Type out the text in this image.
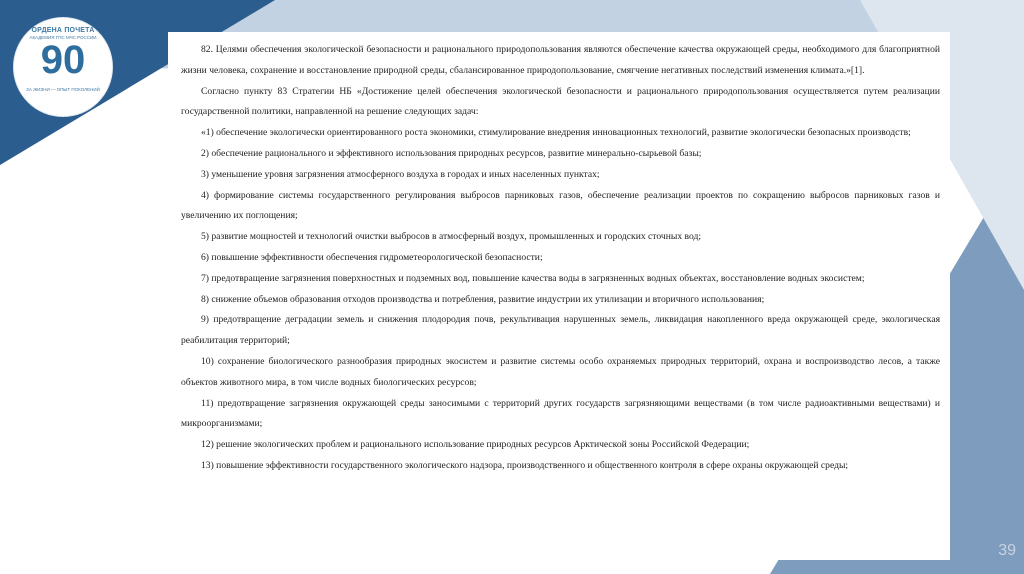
ОРДЕНА ПОЧЕТА
АКАДЕМИЯ ГПС МЧС РОССИИ
90
ЗА ЖИЗНИ — ОПЫТ ПОКОЛЕНИЙ

82. Целями обеспечения экологической безопасности и рационального природопользования являются обеспечение качества окружающей среды, необходимого для благоприятной жизни человека, сохранение и восстановление природной среды, сбалансированное природопользование, смягчение негативных последствий изменения климата.»[1].

Согласно пункту 83 Стратегии НБ «Достижение целей обеспечения экологической безопасности и рационального природопользования осуществляется путем реализации государственной политики, направленной на решение следующих задач:

«1) обеспечение экологически ориентированного роста экономики, стимулирование внедрения инновационных технологий, развитие экологически безопасных производств;

2) обеспечение рационального и эффективного использования природных ресурсов, развитие минерально-сырьевой базы;

3) уменьшение уровня загрязнения атмосферного воздуха в городах и иных населенных пунктах;

4) формирование системы государственного регулирования выбросов парниковых газов, обеспечение реализации проектов по сокращению выбросов парниковых газов и увеличению их поглощения;

5) развитие мощностей и технологий очистки выбросов в атмосферный воздух, промышленных и городских сточных вод;

6) повышение эффективности обеспечения гидрометеорологической безопасности;

7) предотвращение загрязнения поверхностных и подземных вод, повышение качества воды в загрязненных водных объектах, восстановление водных экосистем;

8) снижение объемов образования отходов производства и потребления, развитие индустрии их утилизации и вторичного использования;

9) предотвращение деградации земель и снижения плодородия почв, рекультивация нарушенных земель, ликвидация накопленного вреда окружающей среде, экологическая реабилитация территорий;

10) сохранение биологического разнообразия природных экосистем и развитие системы особо охраняемых природных территорий, охрана и воспроизводство лесов, а также объектов животного мира, в том числе водных биологических ресурсов;

11) предотвращение загрязнения окружающей среды заносимыми с территорий других государств загрязняющими веществами (в том числе радиоактивными веществами) и микроорганизмами;

12) решение экологических проблем и рационального использование природных ресурсов Арктической зоны Российской Федерации;

13) повышение эффективности государственного экологического надзора, производственного и общественного контроля в сфере охраны окружающей среды;

39
